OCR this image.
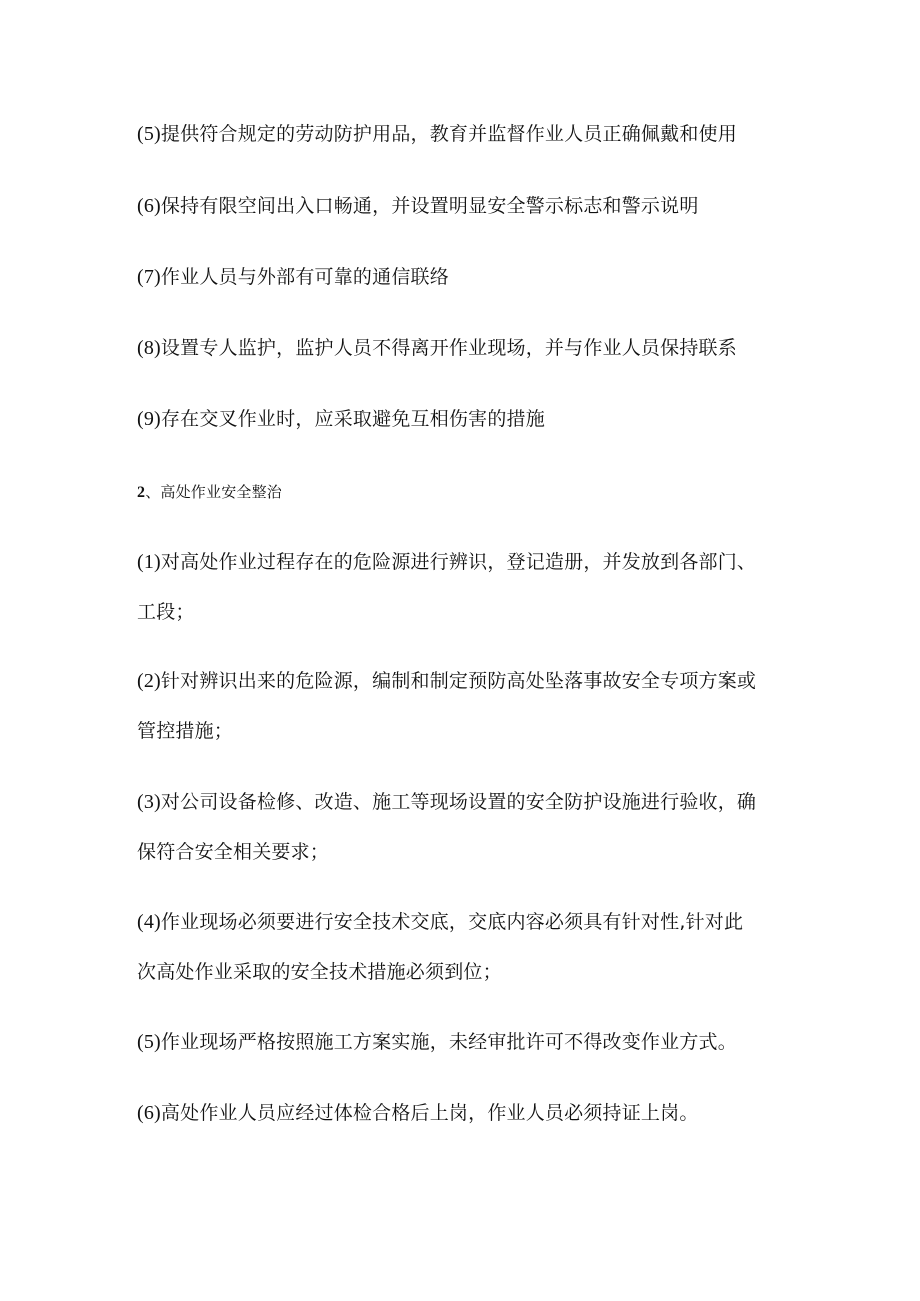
(5)提供符合规定的劳动防护用品，教育并监督作业人员正确佩戴和使用
(6)保持有限空间出入口畅通，并设置明显安全警示标志和警示说明
(7)作业人员与外部有可靠的通信联络
(8)设置专人监护，监护人员不得离开作业现场，并与作业人员保持联系
(9)存在交叉作业时，应采取避免互相伤害的措施
2、高处作业安全整治
(1)对高处作业过程存在的危险源进行辨识，登记造册，并发放到各部门、
工段；
(2)针对辨识出来的危险源，编制和制定预防高处坠落事故安全专项方案或
管控措施；
(3)对公司设备检修、改造、施工等现场设置的安全防护设施进行验收，确
保符合安全相关要求；
(4)作业现场必须要进行安全技术交底，交底内容必须具有针对性,针对此
次高处作业采取的安全技术措施必须到位；
(5)作业现场严格按照施工方案实施，未经审批许可不得改变作业方式。
(6)高处作业人员应经过体检合格后上岗，作业人员必须持证上岗。
